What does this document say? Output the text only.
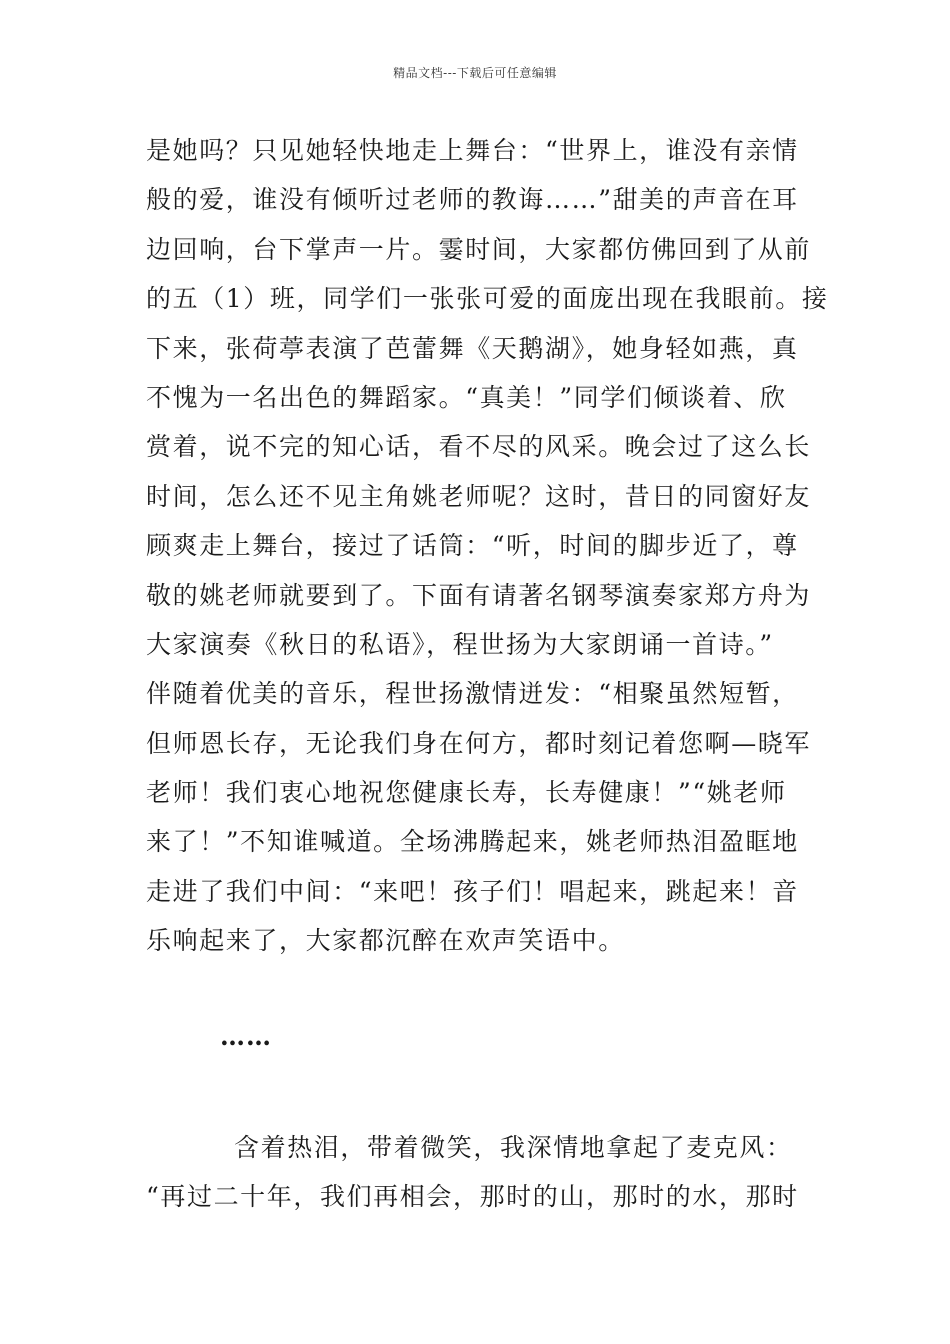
精品文档---下载后可任意编辑
是她吗？只见她轻快地走上舞台：“世界上，谁没有亲情
般的爱，谁没有倾听过老师的教诲……”甜美的声音在耳
边回响，台下掌声一片。霎时间，大家都仿佛回到了从前
的五（1）班，同学们一张张可爱的面庞出现在我眼前。接
下来，张荷葶表演了芭蕾舞《天鹅湖》，她身轻如燕，真
不愧为一名出色的舞蹈家。“真美！”同学们倾谈着、欣
赏着，说不完的知心话，看不尽的风采。晚会过了这么长
时间，怎么还不见主角姚老师呢？这时，昔日的同窗好友
顾爽走上舞台，接过了话筒：“听，时间的脚步近了，尊
敬的姚老师就要到了。下面有请著名钢琴演奏家郑方舟为
大家演奏《秋日的私语》，程世扬为大家朗诵一首诗。”
伴随着优美的音乐，程世扬激情迸发：“相聚虽然短暂，
但师恩长存，无论我们身在何方，都时刻记着您啊—晓军
老师！我们衷心地祝您健康长寿，长寿健康！”“姚老师
来了！”不知谁喊道。全场沸腾起来，姚老师热泪盈眶地
走进了我们中间：“来吧！孩子们！唱起来，跳起来！音
乐响起来了，大家都沉醉在欢声笑语中。
……
含着热泪，带着微笑，我深情地拿起了麦克风：
“再过二十年，我们再相会，那时的山，那时的水，那时
